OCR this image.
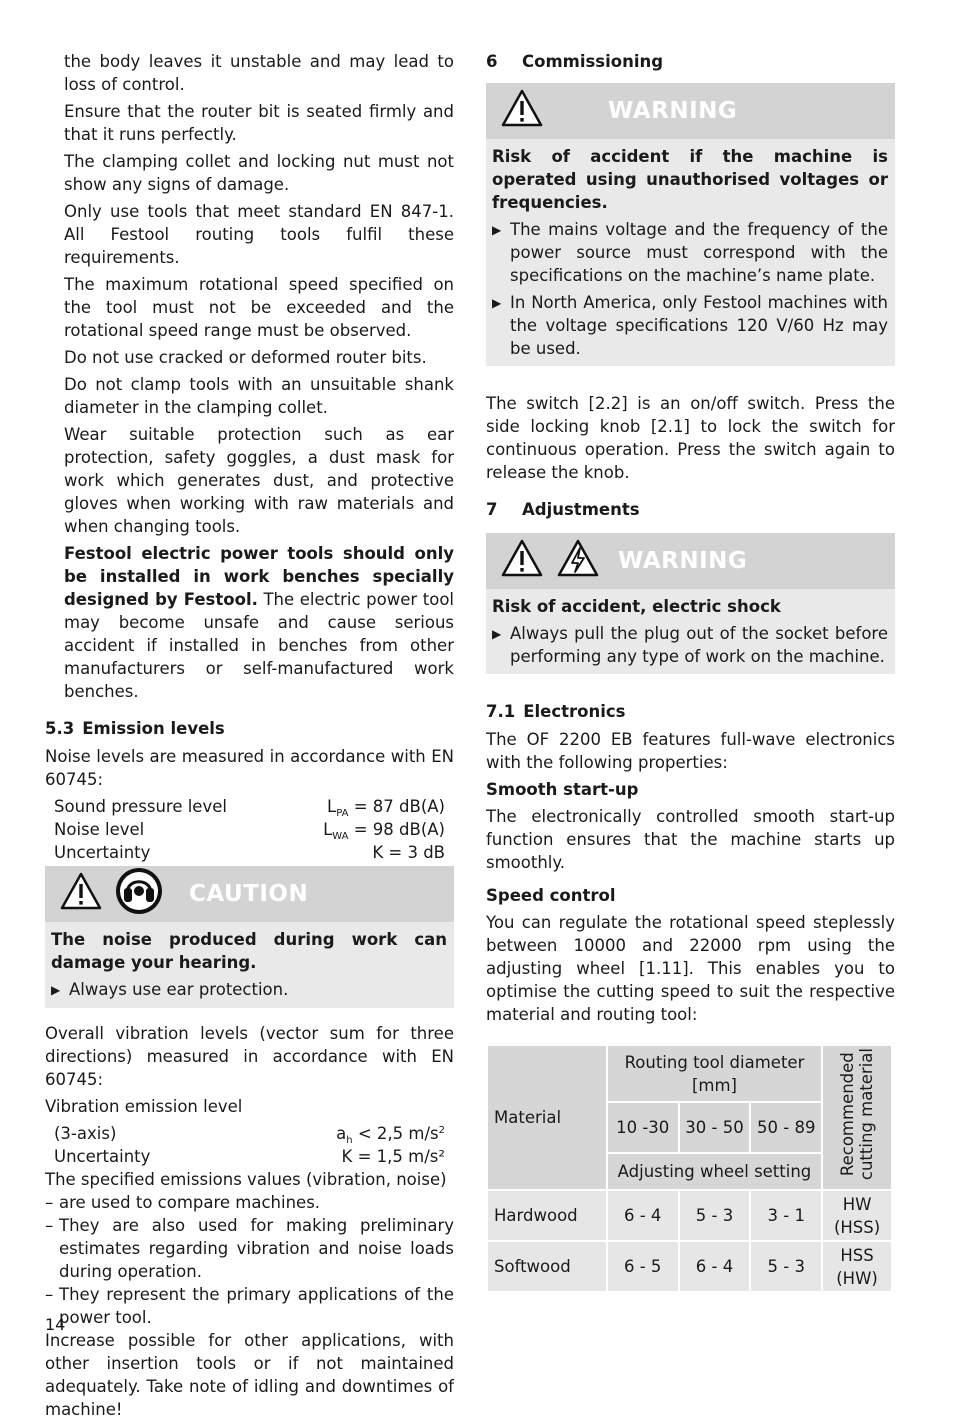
the body leaves it unstable and may lead to loss of control.

Ensure that the router bit is seated firmly and that it runs perfectly.

The clamping collet and locking nut must not show any signs of damage.

Only use tools that meet standard EN 847-1. All Festool routing tools fulfil these requirements.

The maximum rotational speed specified on the tool must not be exceeded and the rotational speed range must be observed.

Do not use cracked or deformed router bits.

Do not clamp tools with an unsuitable shank diameter in the clamping collet.

Wear suitable protection such as ear protection, safety goggles, a dust mask for work which generates dust, and protective gloves when working with raw materials and when changing tools.

Festool electric power tools should only be installed in work benches specially designed by Festool. The electric power tool may become unsafe and cause serious accident if installed in benches from other manufacturers or self-manufactured work benches.

5.3 Emission levels

Noise levels are measured in accordance with EN 60745:

Sound pressure level	$L_{PA} = 87$ dB(A)
Noise level	$L_{WA} = 98$ dB(A)
Uncertainty	K = 3 dB
CAUTION

The noise produced during work can damage your hearing.

▶ Always use ear protection.

Overall vibration levels (vector sum for three directions) measured in accordance with EN 60745:

Vibration emission level

(3-axis)	$a_h < 2,5$ $m/s^2$
Uncertainty	K = 1,5 m/s²

The specified emissions values (vibration, noise)

– are used to compare machines.

– They are also used for making preliminary estimates regarding vibration and noise loads during operation.

– They represent the primary applications of the power tool.

Increase possible for other applications, with other insertion tools or if not maintained adequately. Take note of idling and downtimes of machine!

6	Commissioning
WARNING

Risk of accident if the machine is operated using unauthorised voltages or frequencies.

▶ The mains voltage and the frequency of the power source must correspond with the specifications on the machine’s name plate.

▶ In North America, only Festool machines with the voltage specifications 120 V/60 Hz may be used.

The switch [2.2] is an on/off switch. Press the side locking knob [2.1] to lock the switch for continuous operation. Press the switch again to release the knob.

7	Adjustments
WARNING

Risk of accident, electric shock

▶ Always pull the plug out of the socket before performing any type of work on the machine.

7.1 Electronics

The OF 2200 EB features full-wave electronics with the following properties:

Smooth start-up

The electronically controlled smooth start-up function ensures that the machine starts up smoothly.

Speed control

You can regulate the rotational speed steplessly between 10000 and 22000 rpm using the adjusting wheel [1.11]. This enables you to optimise the cutting speed to suit the respective material and routing tool:

Material	Routing tool diameter [mm]			Recommended
cutting material
	10 -30	30 - 50	50 - 89	
	Adjusting wheel setting			
Hardwood	6 - 4	5 - 3	3 - 1	HW
(HSS)
Softwood	6 - 5	6 - 4	5 - 3	HSS
(HW)
14
